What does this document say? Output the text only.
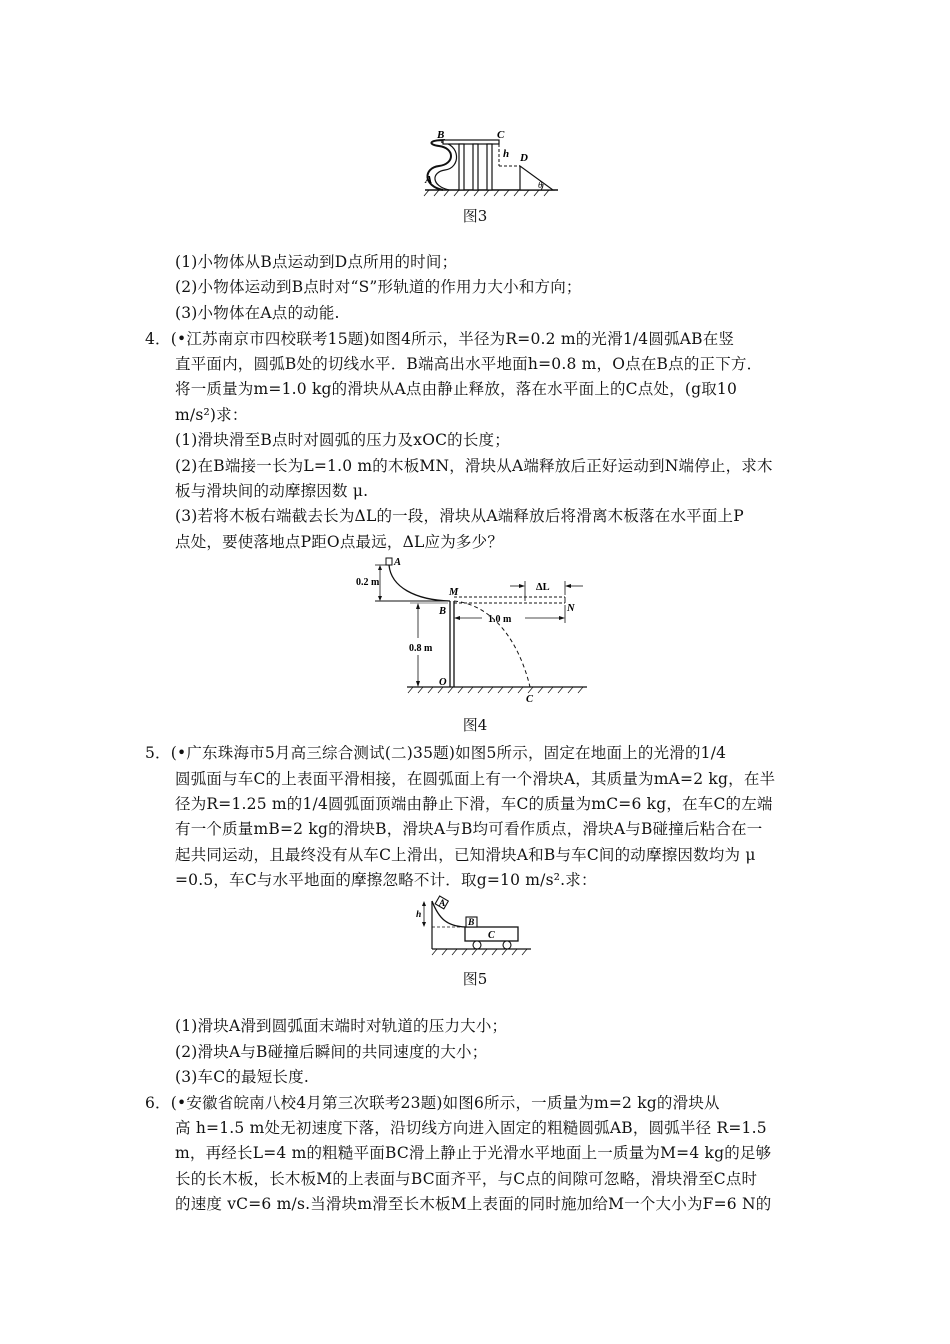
B	C
h D
A	θ
图3
(1)小物体从B点运动到D点所用的时间；
(2)小物体运动到B点时对“S”形轨道的作用力大小和方向；
(3)小物体在A点的动能.
4．(•江苏南京市四校联考15题)如图4所示，半径为R=0.2 m的光滑1/4圆弧AB在竖
直平面内，圆弧B处的切线水平．B端高出水平地面h=0.8 m，O点在B点的正下方．
将一质量为m=1.0 kg的滑块从A点由静止释放，落在水平面上的C点处，(g取10
m/s²)求：
(1)滑块滑至B点时对圆弧的压力及xOC的长度；
(2)在B端接一长为L=1.0 m的木板MN，滑块从A端释放后正好运动到N端停止，求木
板与滑块间的动摩擦因数 μ.
(3)若将木板右端截去长为ΔL的一段，滑块从A端释放后将滑离木板落在水平面上P
点处，要使落地点P距O点最远，ΔL应为多少？
A
0.2 m
M
B
ΔL
N
1.0 m
0.8 m
O
C
图4
5．(•广东珠海市5月高三综合测试(二)35题)如图5所示，固定在地面上的光滑的1/4
圆弧面与车C的上表面平滑相接，在圆弧面上有一个滑块A，其质量为mA=2 kg，在半
径为R=1.25 m的1/4圆弧面顶端由静止下滑，车C的质量为mC=6 kg，在车C的左端
有一个质量mB=2 kg的滑块B，滑块A与B均可看作质点，滑块A与B碰撞后粘合在一
起共同运动，且最终没有从车C上滑出，已知滑块A和B与车C间的动摩擦因数均为 μ
=0.5，车C与水平地面的摩擦忽略不计．取g=10 m/s².求：
A
B
C
h
图5
(1)滑块A滑到圆弧面末端时对轨道的压力大小；
(2)滑块A与B碰撞后瞬间的共同速度的大小；
(3)车C的最短长度.
6．(•安徽省皖南八校4月第三次联考23题)如图6所示，一质量为m=2 kg的滑块从
高 h=1.5 m处无初速度下落，沿切线方向进入固定的粗糙圆弧AB，圆弧半径 R=1.5
m，再经长L=4 m的粗糙平面BC滑上静止于光滑水平地面上一质量为M=4 kg的足够
长的长木板，长木板M的上表面与BC面齐平，与C点的间隙可忽略，滑块滑至C点时
的速度 vC=6 m/s.当滑块m滑至长木板M上表面的同时施加给M一个大小为F=6 N的
